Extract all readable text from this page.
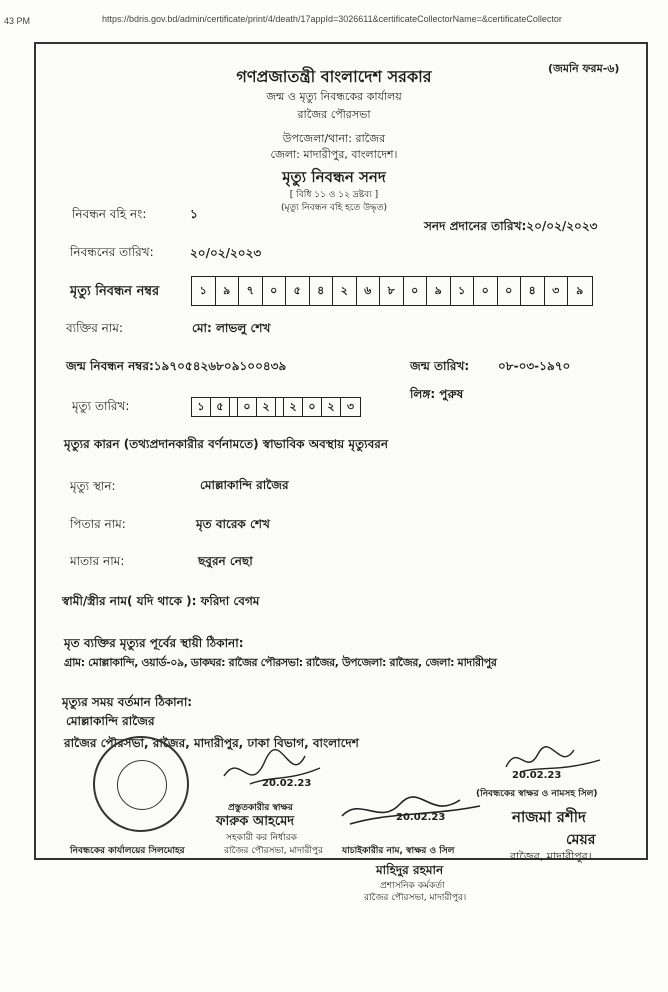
43 PM	https://bdris.gov.bd/admin/certificate/print/4/death/17appId=3026611&certificateCollectorName=&certificateCollector
(জমনি ফরম-৬)
গণপ্রজাতন্ত্রী বাংলাদেশ সরকার
জন্ম ও মৃত্যু নিবন্ধকের কার্যালয়
রাজৈর পৌরসভা
উপজেলা/থানা: রাজৈর
জেলা: মাদারীপুর, বাংলাদেশ।
মৃত্যু নিবন্ধন সনদ
[ বিধি ১১ ও ১২ দ্রষ্টব্য ]
(মৃত্যু নিবন্ধন বহি হতে উদ্ধৃত)
নিবন্ধন বহি নং:	১
সনদ প্রদানের তারিখ:২০/০২/২০২৩
নিবন্ধনের তারিখ:	২০/০২/২০২৩
মৃত্যু নিবন্ধন নম্বর	১	৯	৭	০	৫	৪	২	৬	৮	০	৯	১	০	০	৪	৩	৯
ব্যক্তির নাম:	মো: লাভলু শেখ
জন্ম নিবন্ধন নম্বর:১৯৭০৫৪২৬৮০৯১০০৪৩৯	জন্ম তারিখ: ০৮-০৩-১৯৭০
মৃত্যু তারিখ:	১	৫	০	২	২	০	২	৩
লিঙ্গ: পুরুষ
মৃত্যুর কারন (তথ্যপ্রদানকারীর বর্ণনামতে) স্বাভাবিক অবস্থায় মৃত্যুবরন
মৃত্যু স্থান:	মোল্লাকান্দি রাজৈর
পিতার নাম:	মৃত বারেক শেখ
মাতার নাম:	ছবুরন নেছা
স্বামী/স্ত্রীর নাম( যদি থাকে ): ফরিদা বেগম
মৃত ব্যক্তির মৃত্যুর পূর্বের স্থায়ী ঠিকানা:
গ্রাম: মোল্লাকান্দি, ওয়ার্ড-০৯, ডাকঘর: রাজৈর পৌরসভা: রাজৈর, উপজেলা: রাজৈর, জেলা: মাদারীপুর
মৃত্যুর সময় বর্তমান ঠিকানা:
মোল্লাকান্দি রাজৈর
রাজৈর পৌরসভা, রাজৈর, মাদারীপুর, ঢাকা বিভাগ, বাংলাদেশ
20.02.23
20.02.23
20.02.23
প্রস্তুতকারীর স্বাক্ষর
ফারুক আহমেদ
সহকারী কর নির্ধারক
নিবন্ধকের কার্যালয়ের সিলমোহর	রাজৈর পৌরসভা, মাদারীপুর যাচাইকারীর নাম, স্বাক্ষর ও সিল
(নিবন্ধকের স্বাক্ষর ও নামসহ সিল)
নাজমা রশীদ
মেয়র
রাজৈর, মাদারীপুর।
মাহিদুর রহমান
প্রশাসনিক কর্মকর্তা
রাজৈর পৌরসভা, মাদারীপুর।
